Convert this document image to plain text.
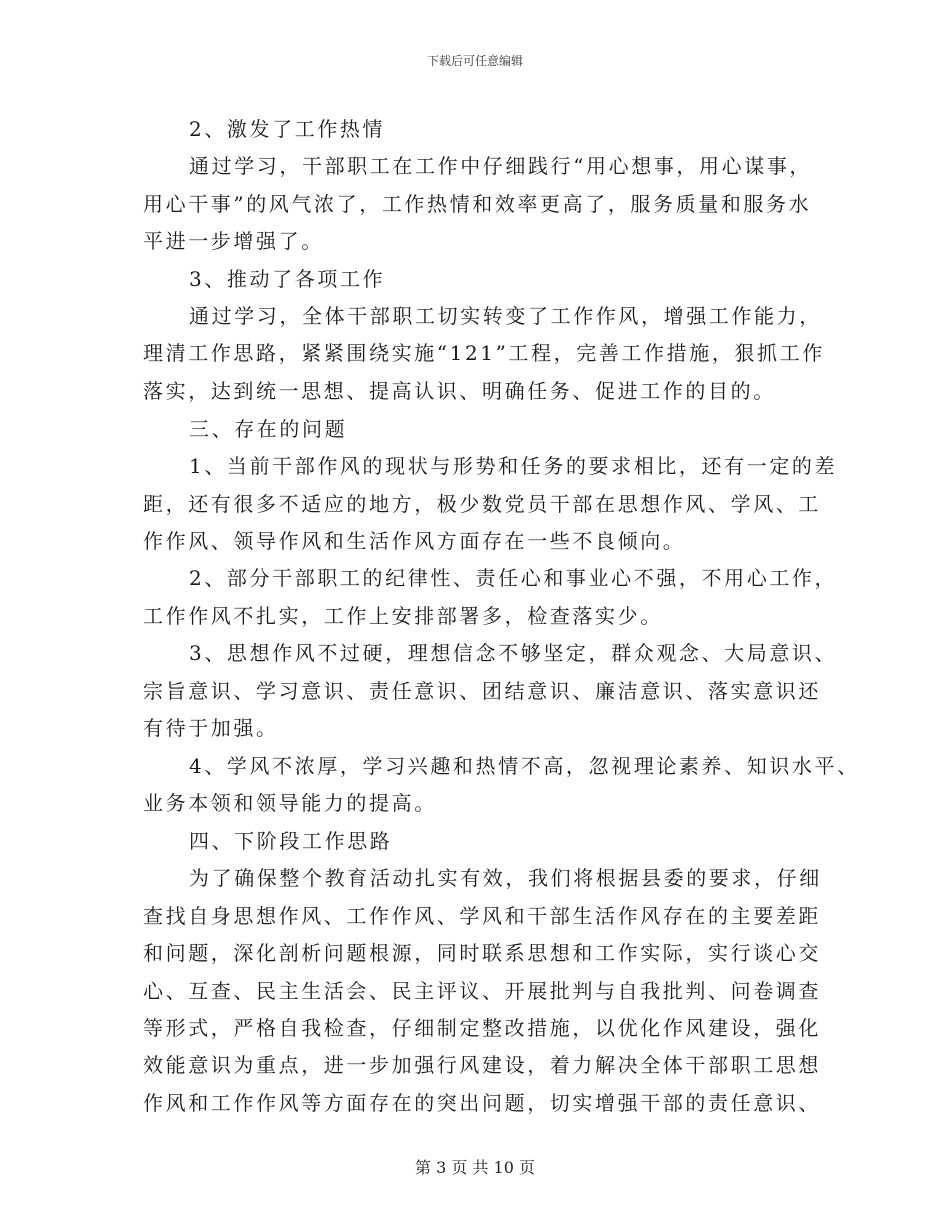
下载后可任意编辑
2、激发了工作热情
通过学习，干部职工在工作中仔细践行“用心想事，用心谋事，
用心干事”的风气浓了，工作热情和效率更高了，服务质量和服务水
平进一步增强了。
3、推动了各项工作
通过学习，全体干部职工切实转变了工作作风，增强工作能力，
理清工作思路，紧紧围绕实施“121”工程，完善工作措施，狠抓工作
落实，达到统一思想、提高认识、明确任务、促进工作的目的。
三、存在的问题
1、当前干部作风的现状与形势和任务的要求相比，还有一定的差
距，还有很多不适应的地方，极少数党员干部在思想作风、学风、工
作作风、领导作风和生活作风方面存在一些不良倾向。
2、部分干部职工的纪律性、责任心和事业心不强，不用心工作，
工作作风不扎实，工作上安排部署多，检查落实少。
3、思想作风不过硬，理想信念不够坚定，群众观念、大局意识、
宗旨意识、学习意识、责任意识、团结意识、廉洁意识、落实意识还
有待于加强。
4、学风不浓厚，学习兴趣和热情不高，忽视理论素养、知识水平、
业务本领和领导能力的提高。
四、下阶段工作思路
为了确保整个教育活动扎实有效，我们将根据县委的要求，仔细
查找自身思想作风、工作作风、学风和干部生活作风存在的主要差距
和问题，深化剖析问题根源，同时联系思想和工作实际，实行谈心交
心、互查、民主生活会、民主评议、开展批判与自我批判、问卷调查
等形式，严格自我检查，仔细制定整改措施，以优化作风建设，强化
效能意识为重点，进一步加强行风建设，着力解决全体干部职工思想
作风和工作作风等方面存在的突出问题，切实增强干部的责任意识、
第 3 页 共 10 页
